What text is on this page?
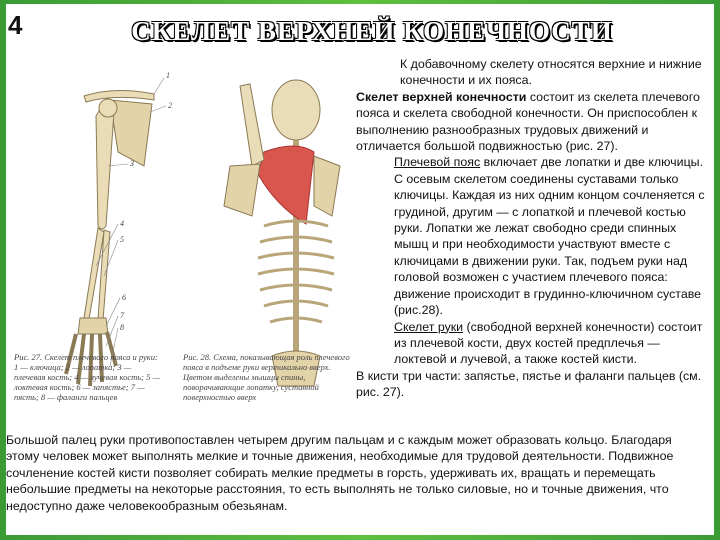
4	СКЕЛЕТ ВЕРХНЕЙ КОНЕЧНОСТИ
1
2
3
4
5
6
7
8
Рис. 27. Скелет плечевого пояса и руки: 1 — ключица; 2 — лопатка; 3 — плечевая кость; 4 — лучевая кость; 5 — локтевая кость; 6 — запястье; 7 — пясть; 8 — фаланги пальцев
Рис. 28. Схема, показывающая роль плечевого пояса в подъеме руки вертикально вверх. Цветом выделены мышцы спины, поворачивающие лопатку, суставной поверхностью вверх

К добавочному скелету относятся верхние и нижние конечности и их пояса.

Скелет верхней конечности состоит из скелета плечевого пояса и скелета свободной конечности. Он приспособлен к выполнению разнообразных трудовых движений и отличается большой подвижностью (рис. 27).

Плечевой пояс включает две лопатки и две ключицы. С осевым скелетом соединены суставами только ключицы. Каждая из них одним концом сочленяется с грудиной, другим — с лопаткой и плечевой костью руки. Лопатки же лежат свободно среди спинных мышц и при необходимости участвуют вместе с ключицами в движении руки. Так, подъем руки над головой возможен с участием плечевого пояса: движение происходит в грудинно-ключичном суставе (рис.28).

Скелет руки (свободной верхней конечности) состоит из плечевой кости, двух костей предплечья — локтевой и лучевой, а также костей кисти.

В кисти три части: запястье, пястье и фаланги пальцев (см. рис. 27).

Большой палец руки противопоставлен четырем другим пальцам и с каждым может образовать кольцо. Благодаря этому человек может выполнять мелкие и точные движения, необходимые для трудовой деятельности. Подвижное сочленение костей кисти позволяет собирать мелкие предметы в горсть, удерживать их, вращать и перемещать небольшие предметы на некоторые расстояния, то есть выполнять не только силовые, но и точные движения, что недоступно даже человекообразным обезьянам.
